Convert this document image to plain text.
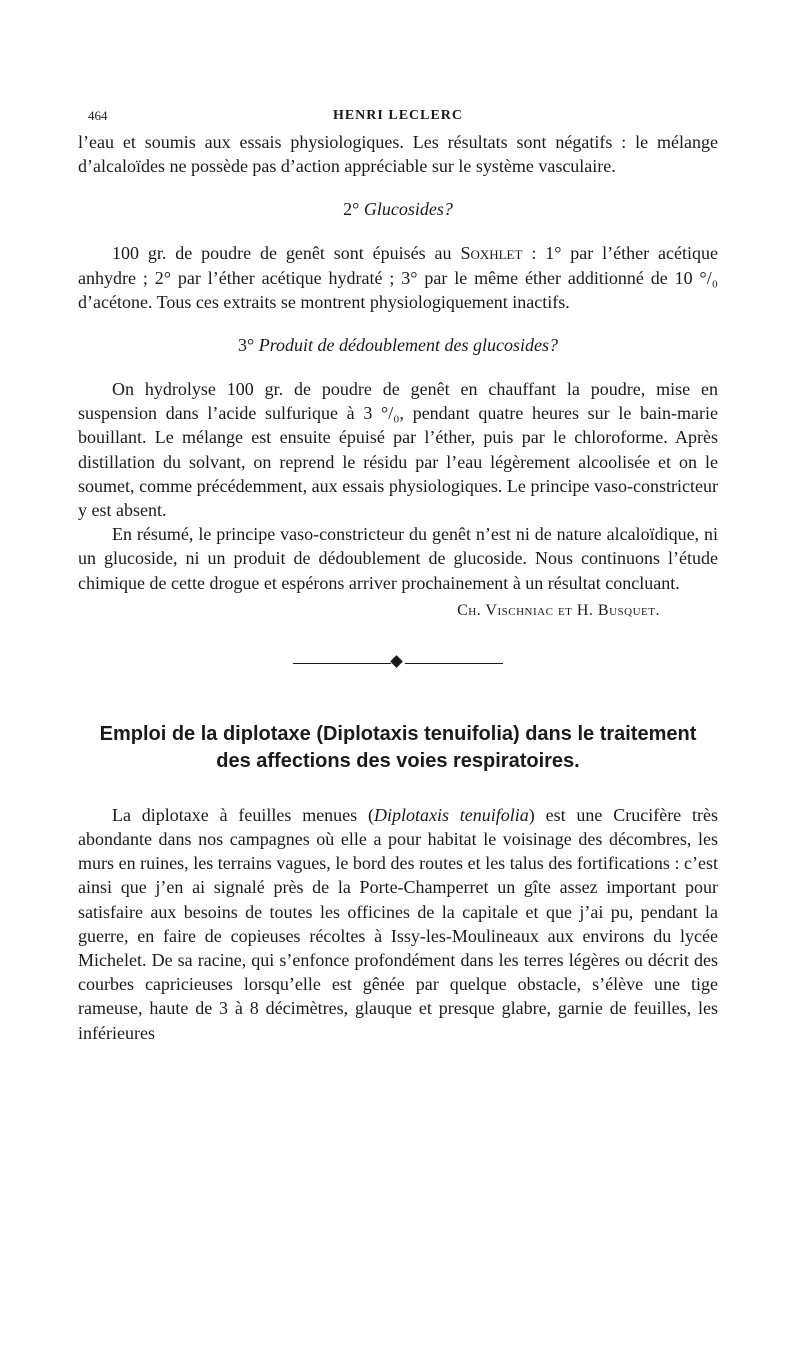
464	HENRI LECLERC

l’eau et soumis aux essais physiologiques. Les résultats sont négatifs : le mélange d’alcaloïdes ne possède pas d’action appréciable sur le système vasculaire.

2° Glucosides?

100 gr. de poudre de genêt sont épuisés au Soxhlet : 1° par l’éther acétique anhydre ; 2° par l’éther acétique hydraté ; 3° par le même éther additionné de 10 °/₀ d’acétone. Tous ces extraits se montrent physiologiquement inactifs.

3° Produit de dédoublement des glucosides?

On hydrolyse 100 gr. de poudre de genêt en chauffant la poudre, mise en suspension dans l’acide sulfurique à 3 °/₀, pendant quatre heures sur le bain-marie bouillant. Le mélange est ensuite épuisé par l’éther, puis par le chloroforme. Après distillation du solvant, on reprend le résidu par l’eau légèrement alcoolisée et on le soumet, comme précédemment, aux essais physiologiques. Le principe vaso-constricteur y est absent.

En résumé, le principe vaso-constricteur du genêt n’est ni de nature alcaloïdique, ni un glucoside, ni un produit de dédoublement de glucoside. Nous continuons l’étude chimique de cette drogue et espérons arriver prochainement à un résultat concluant.

Ch. Vischniac et H. Busquet.
Emploi de la diplotaxe (Diplotaxis tenuifolia) dans le traitement
des affections des voies respiratoires.

La diplotaxe à feuilles menues (Diplotaxis tenuifolia) est une Crucifère très abondante dans nos campagnes où elle a pour habitat le voisinage des décombres, les murs en ruines, les terrains vagues, le bord des routes et les talus des fortifications : c’est ainsi que j’en ai signalé près de la Porte-Champerret un gîte assez important pour satisfaire aux besoins de toutes les officines de la capitale et que j’ai pu, pendant la guerre, en faire de copieuses récoltes à Issy-les-Moulineaux aux environs du lycée Michelet. De sa racine, qui s’enfonce profondément dans les terres légères ou décrit des courbes capricieuses lorsqu’elle est gênée par quelque obstacle, s’élève une tige rameuse, haute de 3 à 8 décimètres, glauque et presque glabre, garnie de feuilles, les inférieures
